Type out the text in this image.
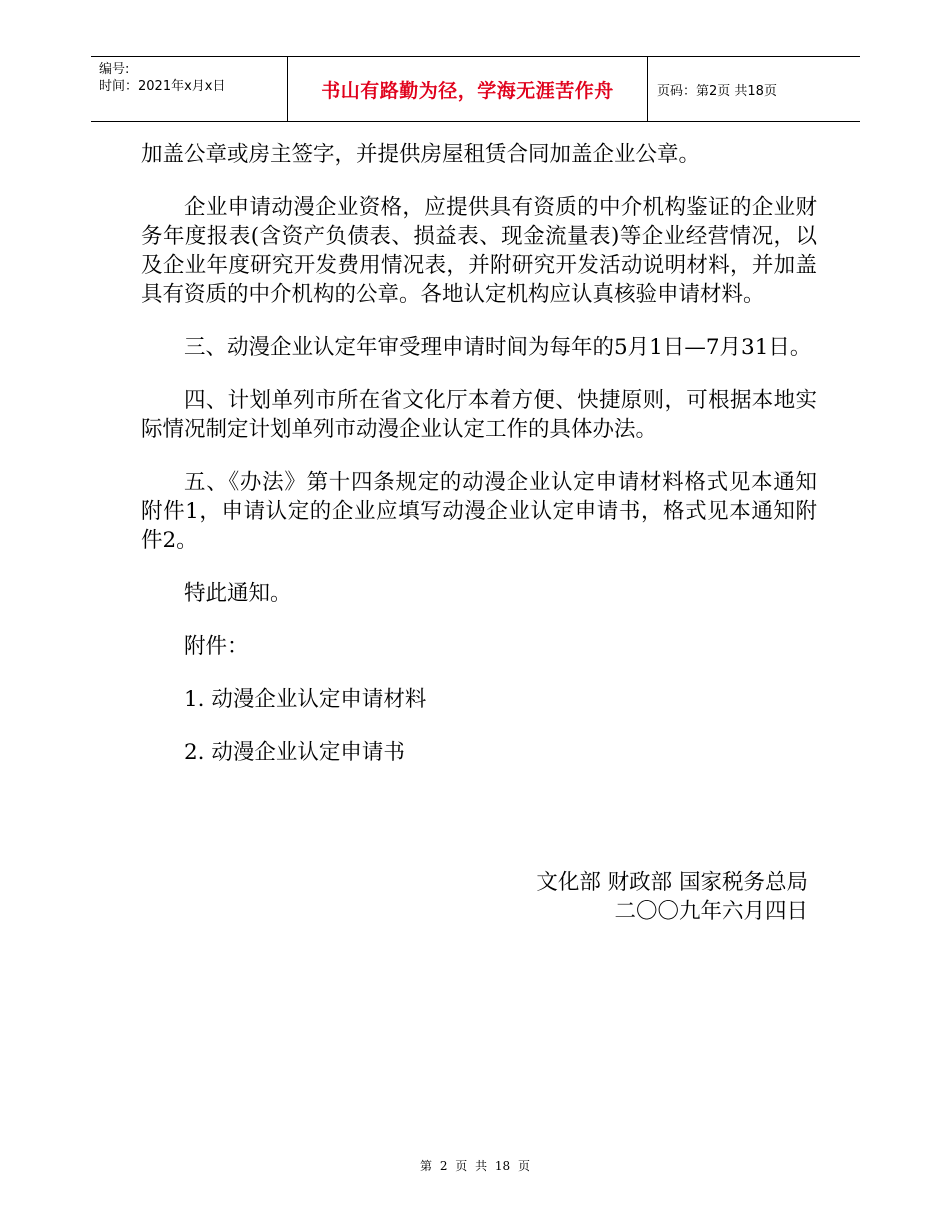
编号:
时间：2021年x月x日	书山有路勤为径，学海无涯苦作舟	页码：第2页 共18页

加盖公章或房主签字，并提供房屋租赁合同加盖企业公章。

企业申请动漫企业资格，应提供具有资质的中介机构鉴证的企业财务年度报表(含资产负债表、损益表、现金流量表)等企业经营情况，以及企业年度研究开发费用情况表，并附研究开发活动说明材料，并加盖具有资质的中介机构的公章。各地认定机构应认真核验申请材料。

三、动漫企业认定年审受理申请时间为每年的5月1日—7月31日。

四、计划单列市所在省文化厅本着方便、快捷原则，可根据本地实际情况制定计划单列市动漫企业认定工作的具体办法。

五、《办法》第十四条规定的动漫企业认定申请材料格式见本通知附件1，申请认定的企业应填写动漫企业认定申请书，格式见本通知附件2。

特此通知。

附件：

1. 动漫企业认定申请材料

2. 动漫企业认定申请书

文化部 财政部 国家税务总局
二〇〇九年六月四日
第 2 页 共 18 页
